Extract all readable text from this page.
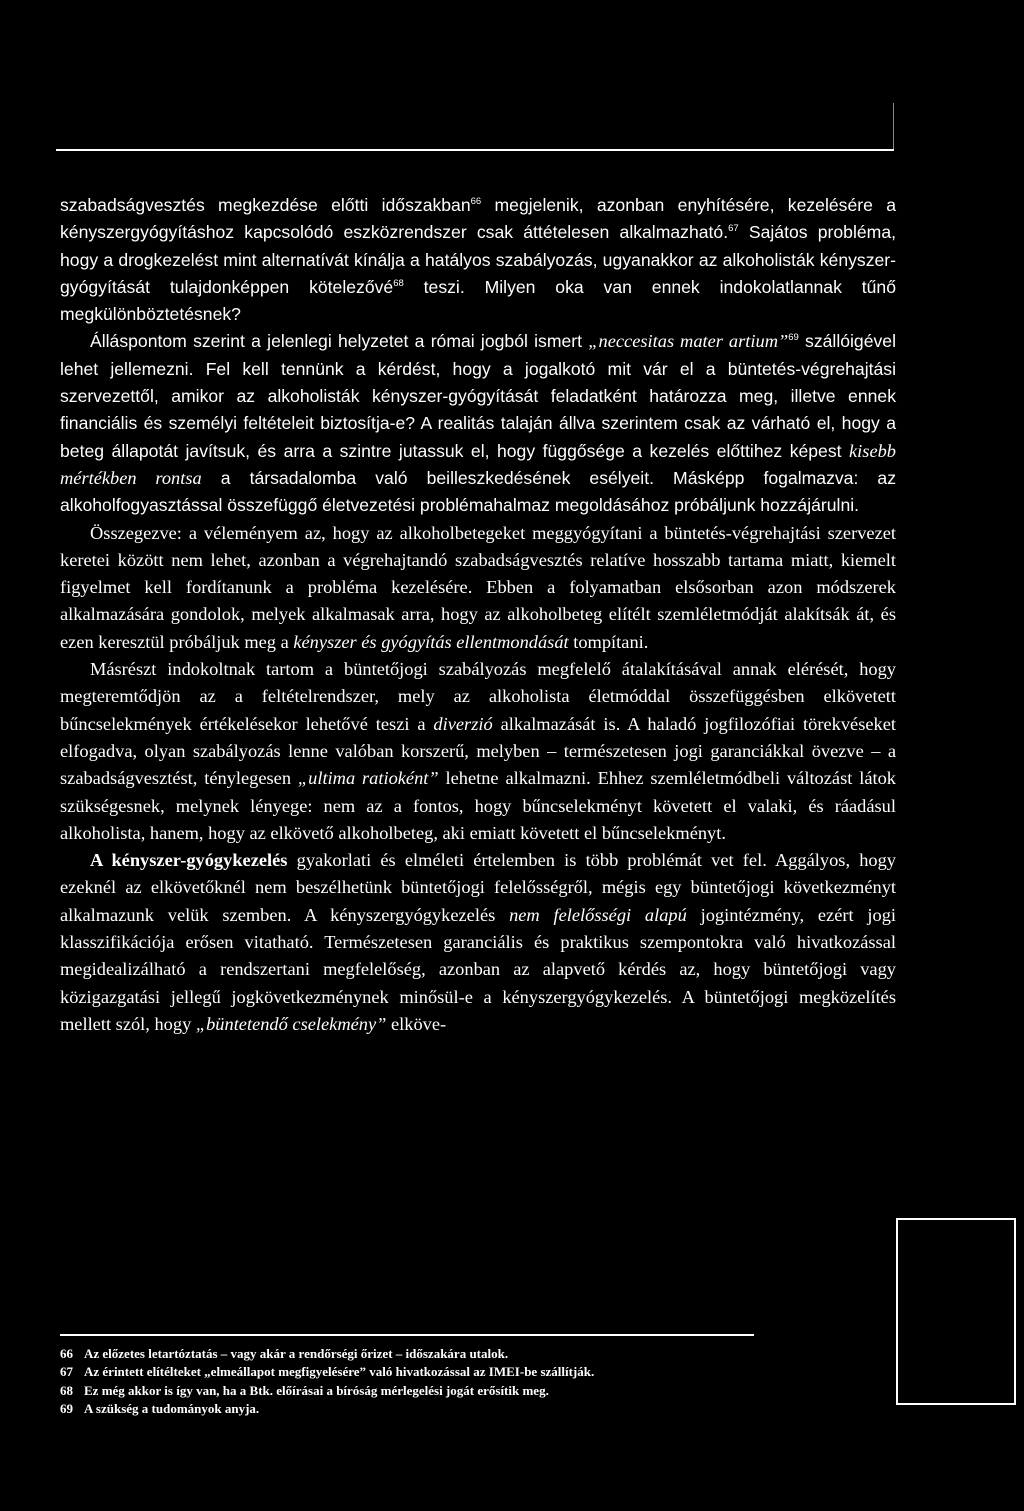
szabadságvesztés megkezdése előtti időszakban$^{66}$ megjelenik, azonban enyhítésére, kezelésére a kényszergyógyításhoz kapcsolódó eszközrendszer csak áttételesen alkalmazható.$^{67}$ Sajátos probléma, hogy a drogkezelést mint alternatívát kínálja a hatályos szabályozás, ugyanakkor az alkoholisták kényszer-gyógyítását tulajdonképpen kötelezővé$^{68}$ teszi. Milyen oka van ennek indokolatlannak tűnő megkülönböztetésnek?

Álláspontom szerint a jelenlegi helyzetet a római jogból ismert „neccesitas mater artium”$^{69}$ szállóigével lehet jellemezni. Fel kell tennünk a kérdést, hogy a jogalkotó mit vár el a büntetés-végrehajtási szervezettől, amikor az alkoholisták kényszer-gyógyítását feladatként határozza meg, illetve ennek financiális és személyi feltételeit biztosítja-e? A realitás talaján állva szerintem csak az várható el, hogy a beteg állapotát javítsuk, és arra a szintre jutassuk el, hogy függősége a kezelés előttihez képest kisebb mértékben rontsa a társadalomba való beilleszkedésének esélyeit. Másképp fogalmazva: az alkoholfogyasztással összefüggő életvezetési problémahalmaz megoldásához próbáljunk hozzájárulni.

Összegezve: a véleményem az, hogy az alkoholbetegeket meggyógyítani a büntetés-végrehajtási szervezet keretei között nem lehet, azonban a végrehajtandó szabadságvesztés relatíve hosszabb tartama miatt, kiemelt figyelmet kell fordítanunk a probléma kezelésére. Ebben a folyamatban elsősorban azon módszerek alkalmazására gondolok, melyek alkalmasak arra, hogy az alkoholbeteg elítélt szemléletmódját alakítsák át, és ezen keresztül próbáljuk meg a kényszer és gyógyítás ellentmondását tompítani.

Másrészt indokoltnak tartom a büntetőjogi szabályozás megfelelő átalakításával annak elérését, hogy megteremtődjön az a feltételrendszer, mely az alkoholista életmóddal összefüggésben elkövetett bűncselekmények értékelésekor lehetővé teszi a diverzió alkalmazását is. A haladó jogfilozófiai törekvéseket elfogadva, olyan szabályozás lenne valóban korszerű, melyben – természetesen jogi garanciákkal övezve – a szabadságvesztést, ténylegesen „ultima ratioként” lehetne alkalmazni. Ehhez szemléletmódbeli változást látok szükségesnek, melynek lényege: nem az a fontos, hogy bűncselekményt követett el valaki, és ráadásul alkoholista, hanem, hogy az elkövető alkoholbeteg, aki emiatt követett el bűncselekményt.

A kényszer-gyógykezelés gyakorlati és elméleti értelemben is több problémát vet fel. Aggályos, hogy ezeknél az elkövetőknél nem beszélhetünk büntetőjogi felelősségről, mégis egy büntetőjogi következményt alkalmazunk velük szemben. A kényszergyógykezelés nem felelősségi alapú jogintézmény, ezért jogi klasszifikációja erősen vitatható. Természetesen garanciális és praktikus szempontokra való hivatkozással megidealizálható a rendszertani megfelelőség, azonban az alapvető kérdés az, hogy büntetőjogi vagy közigazgatási jellegű jogkövetkezménynek minősül-e a kényszergyógykezelés. A büntetőjogi megközelítés mellett szól, hogy „büntetendő cselekmény” elköve-

66 Az előzetes letartóztatás – vagy akár a rendőrségi őrizet – időszakára utalok.
67 Az érintett elítélteket „elmeállapot megfigyelésére” való hivatkozással az IMEI-be szállítják.
68 Ez még akkor is így van, ha a Btk. előírásai a bíróság mérlegelési jogát erősítik meg.
69 A szükség a tudományok anyja.
